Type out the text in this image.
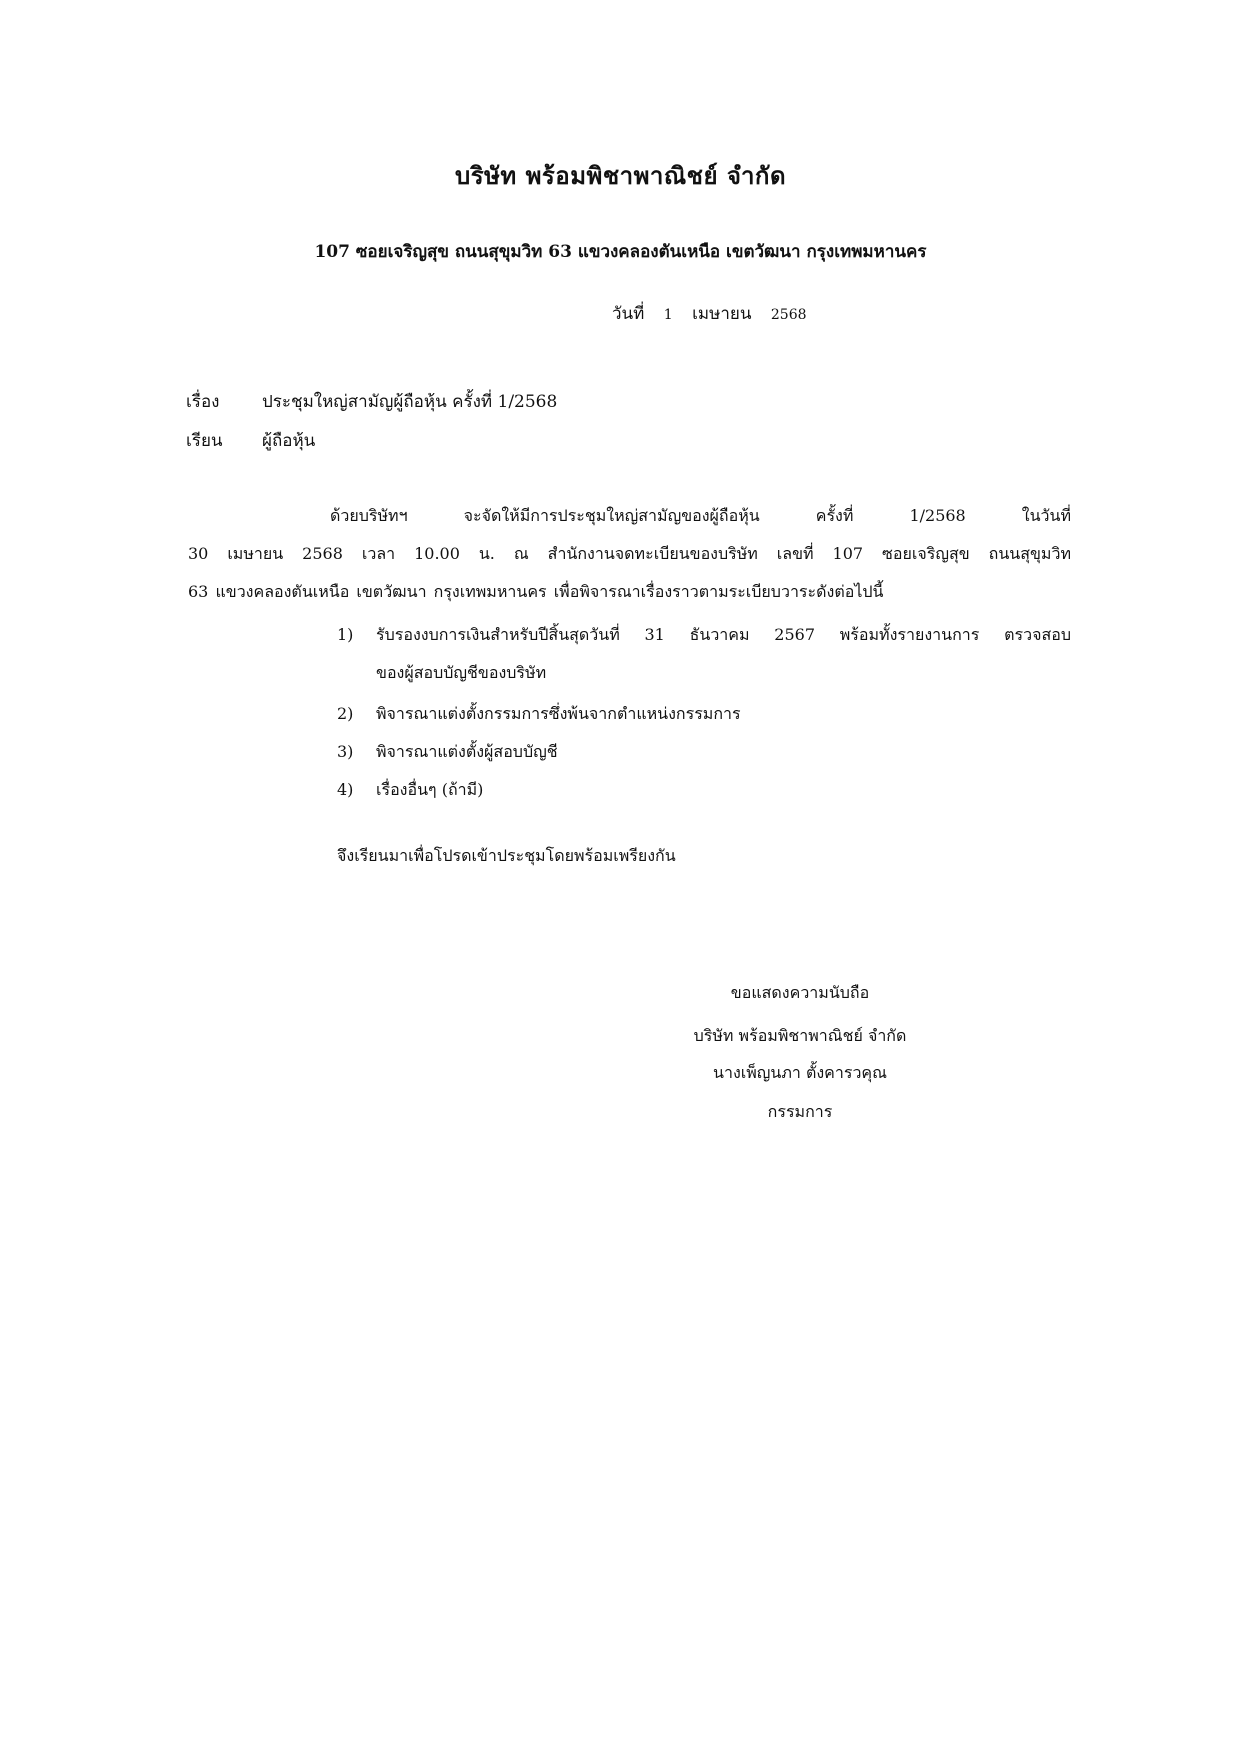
บริษัท พร้อมพิชาพาณิชย์ จำกัด
107 ซอยเจริญสุข ถนนสุขุมวิท 63 แขวงคลองตันเหนือ เขตวัฒนา กรุงเทพมหานคร
วันที่ 1 เมษายน 2568
เรื่อง	ประชุมใหญ่สามัญผู้ถือหุ้น ครั้งที่ 1/2568
เรียน ผู้ถือหุ้น
ด้วยบริษัทฯ จะจัดให้มีการประชุมใหญ่สามัญของผู้ถือหุ้น ครั้งที่ 1/2568 ในวันที่
30 เมษายน 2568 เวลา 10.00 น. ณ สำนักงานจดทะเบียนของบริษัท เลขที่ 107 ซอยเจริญสุข ถนนสุขุมวิท
63 แขวงคลองตันเหนือ เขตวัฒนา กรุงเทพมหานคร เพื่อพิจารณาเรื่องราวตามระเบียบวาระดังต่อไปนี้
1) รับรองงบการเงินสำหรับปีสิ้นสุดวันที่ 31 ธันวาคม 2567 พร้อมทั้งรายงานการ ตรวจสอบ
ของผู้สอบบัญชีของบริษัท
2) พิจารณาแต่งตั้งกรรมการซึ่งพ้นจากตำแหน่งกรรมการ
3) พิจารณาแต่งตั้งผู้สอบบัญชี
4) เรื่องอื่นๆ (ถ้ามี)
จึงเรียนมาเพื่อโปรดเข้าประชุมโดยพร้อมเพรียงกัน
ขอแสดงความนับถือ
บริษัท พร้อมพิชาพาณิชย์ จำกัด
นางเพ็ญนภา ตั้งคารวคุณ
กรรมการ
